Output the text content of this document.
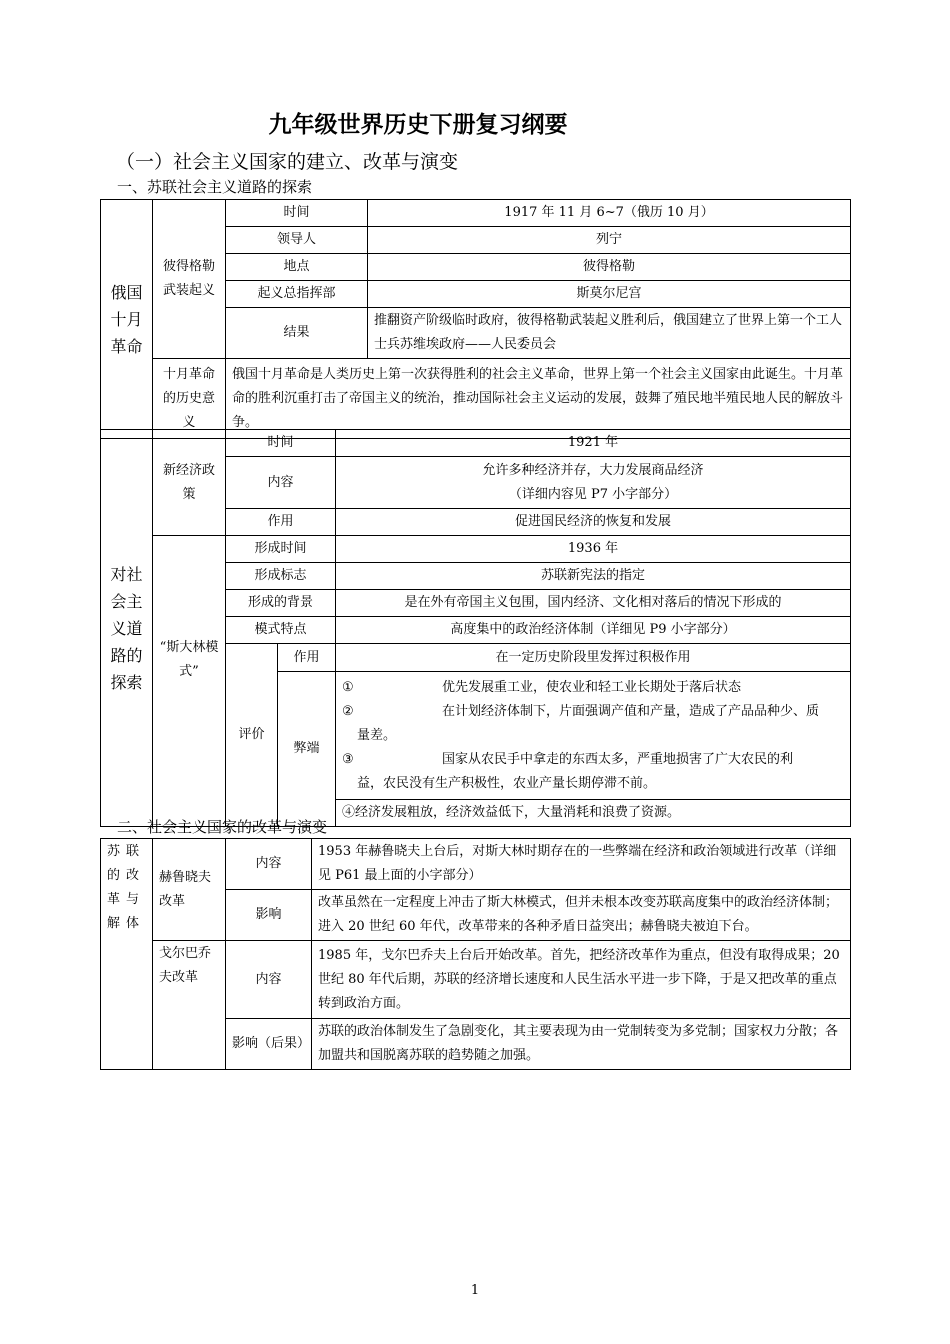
九年级世界历史下册复习纲要
（一）社会主义国家的建立、改革与演变
一、苏联社会主义道路的探索
俄国十月革命	彼得格勒武装起义	时间	1917 年 11 月 6~7（俄历 10 月）
		领导人	列宁
		地点	彼得格勒
		起义总指挥部	斯莫尔尼宫
		结果	推翻资产阶级临时政府，彼得格勒武装起义胜利后，俄国建立了世界上第一个工人士兵苏维埃政府——人民委员会
	十月革命的历史意义	俄国十月革命是人类历史上第一次获得胜利的社会主义革命，世界上第一个社会主义国家由此诞生。十月革命的胜利沉重打击了帝国主义的统治，推动国际社会主义运动的发展，鼓舞了殖民地半殖民地人民的解放斗争。	
对社会主义道路的探索	新经济政策	时间		1921 年
		内容		允许多种经济并存，大力发展商品经济
（详细内容见 P7 小字部分）

		作用		促进国民经济的恢复和发展
	“斯大林模式”	形成时间		1936 年
		形成标志		苏联新宪法的指定
		形成的背景		是在外有帝国主义包围，国内经济、文化相对落后的情况下形成的
		模式特点		高度集中的政治经济体制（详细见 P9 小字部分）
		评价	作用	在一定历史阶段里发挥过积极作用
			弊端	① 优先发展重工业，使农业和轻工业长期处于落后状态
② 在计划经济体制下，片面强调产值和产量，造成了产品品种少、质
量差。
③ 国家从农民手中拿走的东西太多，严重地损害了广大农民的利
益，农民没有生产积极性，农业产量长期停滞不前。

				④经济发展粗放，经济效益低下，大量消耗和浪费了资源。
二、社会主义国家的改革与演变
苏联的改革与解体	赫鲁晓夫改革	内容	1953 年赫鲁晓夫上台后，对斯大林时期存在的一些弊端在经济和政治领域进行改革（详细见 P61 最上面的小字部分）
		影响	改革虽然在一定程度上冲击了斯大林模式，但并未根本改变苏联高度集中的政治经济体制；进入 20 世纪 60 年代，改革带来的各种矛盾日益突出；赫鲁晓夫被迫下台。
	戈尔巴乔夫改革	内容	1985 年，戈尔巴乔夫上台后开始改革。首先，把经济改革作为重点，但没有取得成果；20 世纪 80 年代后期，苏联的经济增长速度和人民生活水平进一步下降，于是又把改革的重点转到政治方面。
		影响（后果）	苏联的政治体制发生了急剧变化，其主要表现为由一党制转变为多党制；国家权力分散；各加盟共和国脱离苏联的趋势随之加强。
1
